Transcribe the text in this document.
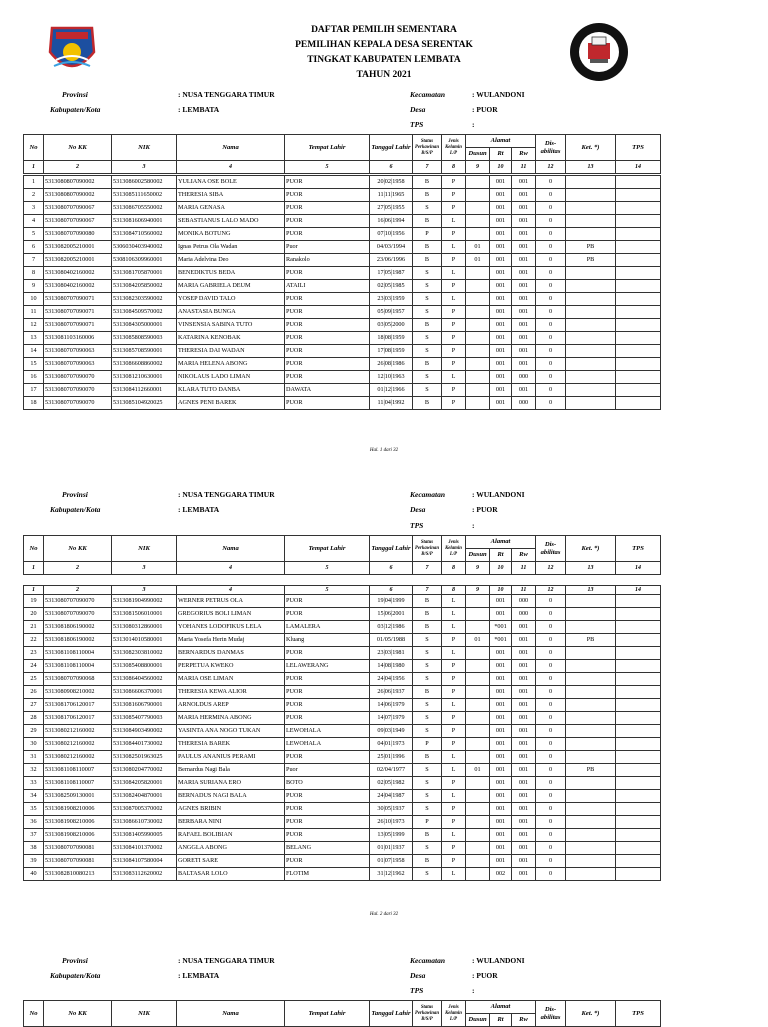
DAFTAR PEMILIH SEMENTARA
PEMILIHAN KEPALA DESA SERENTAK
TINGKAT KABUPATEN LEMBATA
TAHUN 2021
Provinsi	: NUSA TENGGARA TIMUR
Kabupaten/Kota	: LEMBATA
Kecamatan	: WULANDONI
Desa	: PUOR
TPS	:
No	No KK	NIK	Nama	Tempat Lahir	Tanggal Lahir	Status Perkawinan B/S/P	Jenis Kelamin L/P	Alamat			Dis- abilitas	Ket. *)	TPS
								Dusun	Rt	Rw			
1	2	3	4	5	6	7	8	9	10	11	12	13	14
1	5313080807090002	5313086002580002	YULIANA OSE BOLE	PUOR	20|02|1958	B	P		001	001	0		
2	5313080807090002	5313085111650002	THERESIA SIBA	PUOR	11|11|1965	B	P		001	001	0		
3	5313080707090067	5313086705550002	MARIA GENASA	PUOR	27|05|1955	S	P		001	001	0		
4	5313080707090067	5313081606940001	SEBASTIANUS LALO MADO	PUOR	16|06|1994	B	L		001	001	0		
5	5313080707090080	5313084710560002	MONIKA BOTUNG	PUOR	07|10|1956	P	P		001	001	0		
6	5313082005210001	5306030403940002	Ignas Petrus Ola Wadan	Puor	04/03/1994	B	L	01	001	001	0	PB	
7	5313082005210001	5308106309960001	Maria Adelvina Deo	Ranakolo	23/06/1996	B	P	01	001	001	0	PB	
8	5313080402160002	5313081705870001	BENEDIKTUS BEDA	PUOR	17|05|1987	S	L		001	001	0		
9	5313080402160002	5313084205850002	MARIA GABRIELA DEUM	ATAILI	02|05|1985	S	P		001	001	0		
10	5313080707090071	5313082303590002	YOSEP DAVID TALO	PUOR	23|03|1959	S	L		001	001	0		
11	5313080707090071	5313084509570002	ANASTASIA BUNGA	PUOR	05|09|1957	S	P		001	001	0		
12	5313080707090071	5313084305000001	VINSENSIA SABINA TUTO	PUOR	03|05|2000	B	P		001	001	0		
13	5313081103160006	5313085808590003	KATARINA KENOBAK	PUOR	18|08|1959	S	P		001	001	0		
14	5313080707090063	5313085708590001	THERESIA DAI WADAN	PUOR	17|08|1959	S	P		001	001	0		
15	5313080707090063	5313086608860002	MARIA HELENA ABONG	PUOR	26|08|1986	B	P		001	001	0		
16	5313080707090070	5313081210630001	NIKOLAUS LADO LIMAN	PUOR	12|10|1963	S	L		001	000	0		
17	5313080707090070	5313084112660001	KLARA TUTO DANBA	DAWATA	01|12|1966	S	P		001	001	0		
18	5313080707090070	5313085104920025	AGNES PENI BAREK	PUOR	11|04|1992	B	P		001	000	0		
Hal. 1 dari 32
Provinsi	: NUSA TENGGARA TIMUR
Kabupaten/Kota	: LEMBATA
Kecamatan	: WULANDONI
Desa	: PUOR
TPS	:
No	No KK	NIK	Nama	Tempat Lahir	Tanggal Lahir	Status Perkawinan B/S/P	Jenis Kelamin L/P	Alamat			Dis- abilitas	Ket. *)	TPS
								Dusun	Rt	Rw			
1	2	3	4	5	6	7	8	9	10	11	12	13	14
1	2	3	4	5	6	7	8	9	10	11	12	13	14
19	5313080707090070	5313081904990002	WERNER PETRUS OLA	PUOR	19|04|1999	B	L		001	000	0		
20	5313080707090070	5313081506010001	GREGORIUS BOLI LIMAN	PUOR	15|06|2001	B	L		001	000	0		
21	5313081806190002	5313080312860001	YOHANES LODOFIKUS LELA	LAMALERA	03|12|1986	B	L		*001	001	0		
22	5313081806190002	5313014010580001	Maria Yosefa Herin Mudaj	Kluang	01/05/1988	S	P	01	*001	001	0	PB	
23	5313081108110004	5313082303810002	BERNARDUS DANMAS	PUOR	23|03|1981	S	L		001	001	0		
24	5313081108110004	5313085408800001	PERPETUA KWEKO	LELAWERANG	14|08|1980	S	P		001	001	0		
25	5313080707090068	5313086404560002	MARIA OSE LIMAN	PUOR	24|04|1956	S	P		001	001	0		
26	5313080908210002	5313086606370001	THERESIA KEWA ALIOR	PUOR	26|06|1937	B	P		001	001	0		
27	5313081706120017	5313081606790001	ARNOLDUS AREP	PUOR	14|06|1979	S	L		001	001	0		
28	5313081706120017	5313085407790003	MARIA HERMINA ABONG	PUOR	14|07|1979	S	P		001	001	0		
29	5313080212160002	5313084903490002	YASINTA ANA NOGO TUKAN	LEWOHALA	09|03|1949	S	P		001	001	0		
30	5313080212160002	5313084401730002	THERESIA BAREK	LEWOHALA	04|01|1973	P	P		001	001	0		
31	5313080212160002	5313082501963025	PAULUS ANANIUS PERAMI	PUOR	25|01|1996	B	L		001	001	0		
32	5313081108110007	5313080204770002	Bernardus Nagi Bala	Puor	02/04/1977	S	L	01	001	001	0	PB	
33	5313081108110007	5313084205820001	MARIA SURIANA ERO	BOTO	02|05|1982	S	P		001	001	0		
34	5313082509130001	5313082404870001	BERNADUS NAGI BALA	PUOR	24|04|1987	S	L		001	001	0		
35	5313081908210006	5313087005370002	AGNES BRIBIN	PUOR	30|05|1937	S	P		001	001	0		
36	5313081908210006	5313086610730002	BERBARA NINI	PUOR	26|10|1973	P	P		001	001	0		
37	5313081908210006	5313081405990005	RAFAEL BOLIBIAN	PUOR	13|05|1999	B	L		001	001	0		
38	5313080707090081	5313084101370002	ANGGLA ABONG	BELANG	01|01|1937	S	P		001	001	0		
39	5313080707090081	5313084107580004	GORETI SARE	PUOR	01|07|1958	B	P		001	001	0		
40	5313082810080213	5313083112620002	BALTASAR LOLO	FLOTIM	31|12|1962	S	L		002	001	0		
Hal. 2 dari 32
Provinsi	: NUSA TENGGARA TIMUR
Kabupaten/Kota	: LEMBATA
Kecamatan	: WULANDONI
Desa	: PUOR
TPS	:
No	No KK	NIK	Nama	Tempat Lahir	Tanggal Lahir	Status Perkawinan B/S/P	Jenis Kelamin L/P	Alamat			Dis- abilitas	Ket. *)	TPS
								Dusun	Rt	Rw			
